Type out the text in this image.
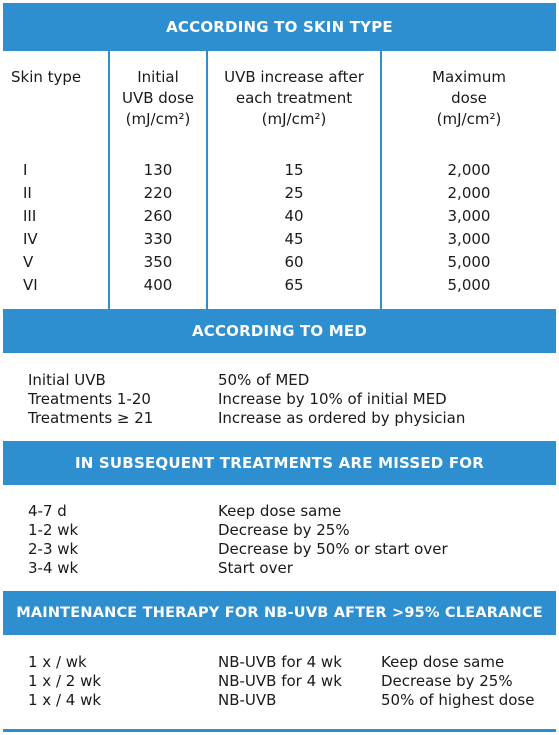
ACCORDING TO SKIN TYPE
Skin type	Initial
UVB dose
(mJ/cm²)
UVB increase after
each treatment
(mJ/cm²)
Maximum
dose
(mJ/cm²)
I
II
III
IV
V
VI
130
220
260
330
350
400
15
25
40
45
60
65
2,000
2,000
3,000
3,000
5,000
5,000
ACCORDING TO MED
Initial UVB
Treatments 1-20
Treatments ≥ 21
50% of MED
Increase by 10% of initial MED
Increase as ordered by physician
IN SUBSEQUENT TREATMENTS ARE MISSED FOR
4-7 d
1-2 wk
2-3 wk
3-4 wk
Keep dose same
Decrease by 25%
Decrease by 50% or start over
Start over
MAINTENANCE THERAPY FOR NB-UVB AFTER >95% CLEARANCE
1 x / wk
1 x / 2 wk
1 x / 4 wk
NB-UVB for 4 wk
NB-UVB for 4 wk
NB-UVB
Keep dose same
Decrease by 25%
50% of highest dose
